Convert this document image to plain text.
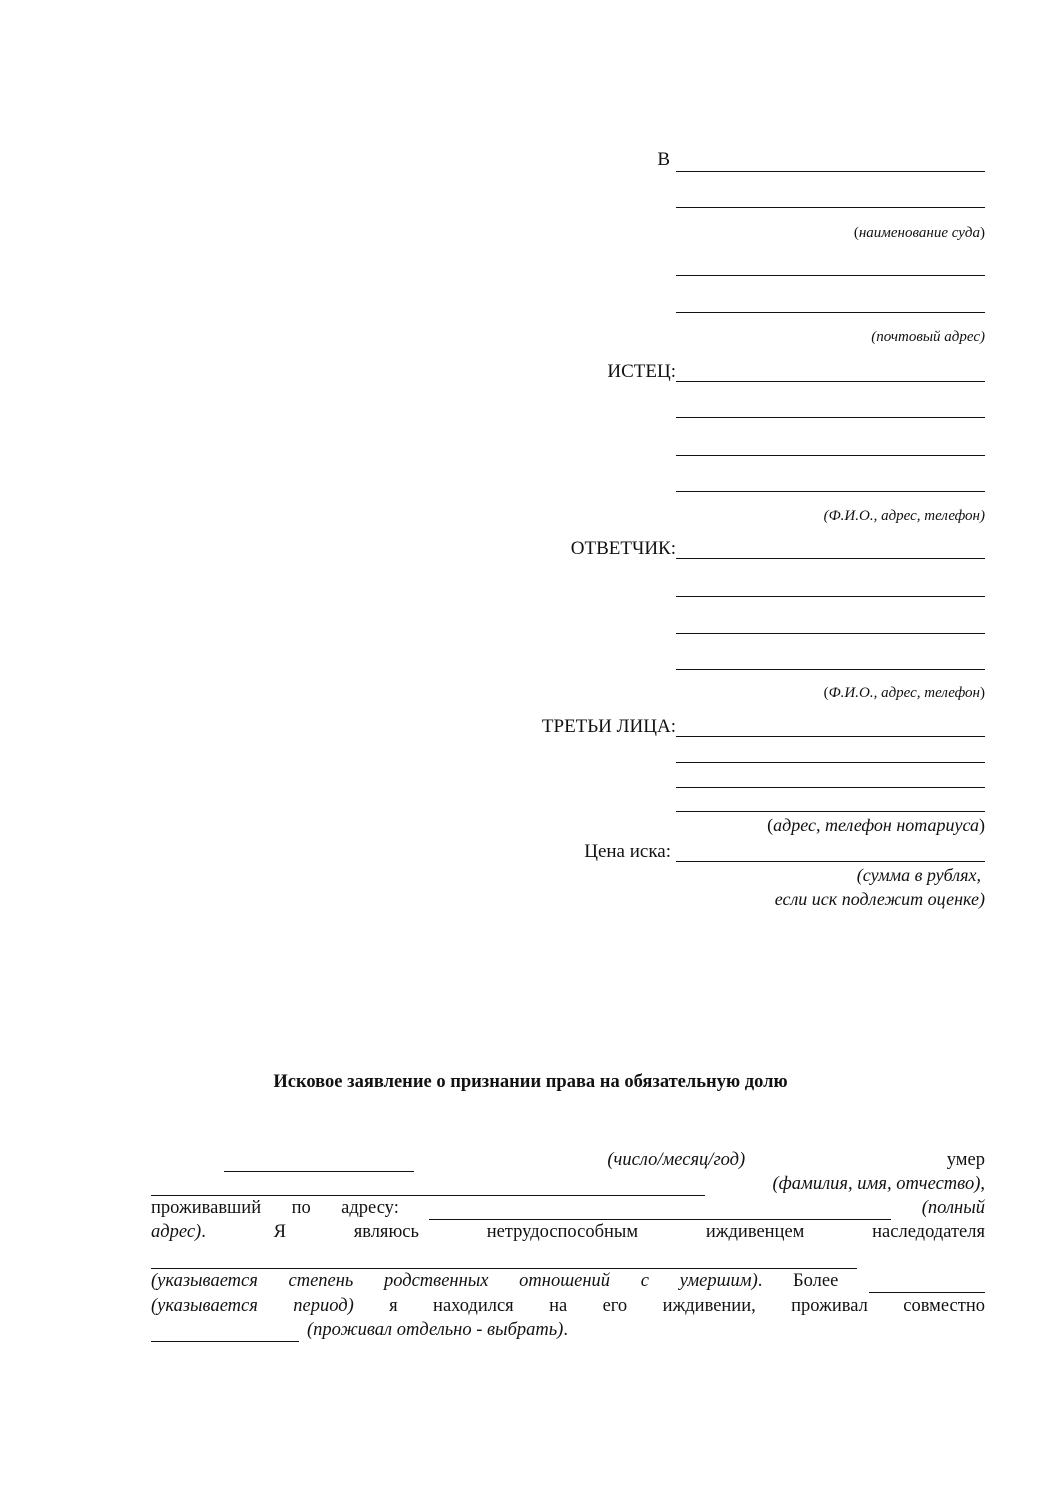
В
(наименование суда)
(почтовый адрес)
ИСТЕЦ:
(Ф.И.О., адрес, телефон)
ОТВЕТЧИК:
(Ф.И.О., адрес, телефон)
ТРЕТЬИ ЛИЦА:
(адрес, телефон нотариуса)
Цена иска:
(сумма в рублях,
если иск подлежит оценке)
Исковое заявление о признании права на обязательную долю
(число/месяц/год)	умер
(фамилия, имя, отчество),
проживавший по адресу:	(полный
адрес).	Я	являюсь	нетрудоспособным	иждивенцем	наследодателя
(указывается степень родственных отношений с умершим). Более
(указывается период) я находился на его иждивении, проживал совместно
(проживал отдельно - выбрать).
